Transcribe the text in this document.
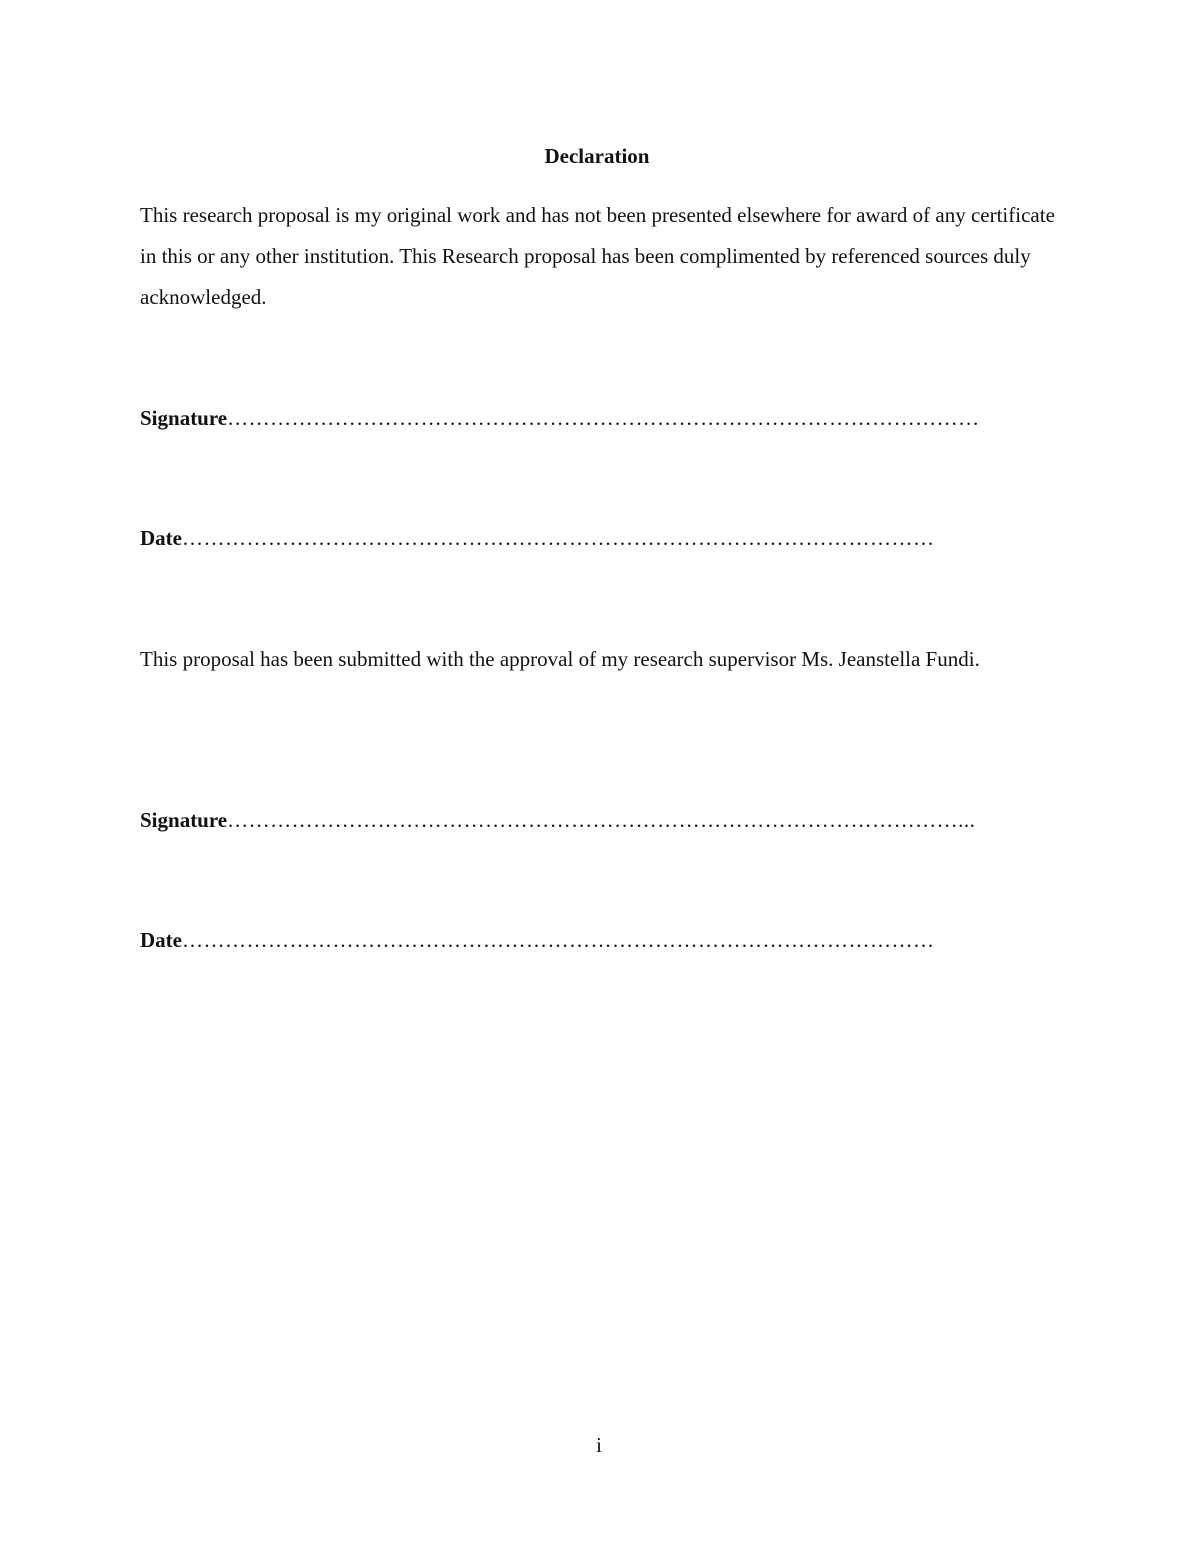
Declaration

This research proposal is my original work and has not been presented elsewhere for award of any certificate in this or any other institution. This Research proposal has been complimented by referenced sources duly acknowledged.

Signature……………………………………………………………………………………………
Date……………………………………………………………………………………………

This proposal has been submitted with the approval of my research supervisor Ms. Jeanstella Fundi.

Signature…………………………………………………………………………………………...
Date……………………………………………………………………………………………
i
